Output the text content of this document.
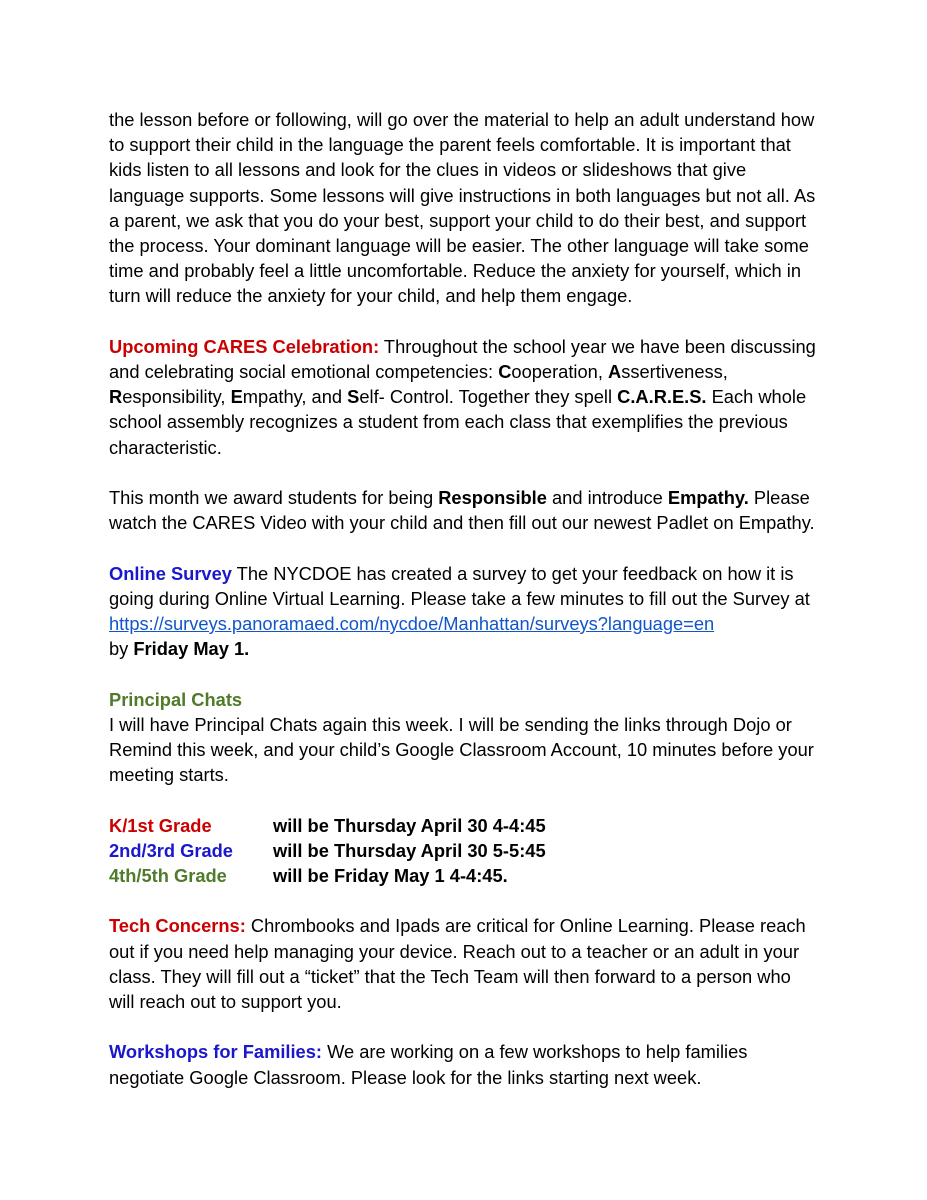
the lesson before or following, will go over the material to help an adult understand how to support their child in the language the parent feels comfortable. It is important that kids listen to all lessons and look for the clues in videos or slideshows that give language supports. Some lessons will give instructions in both languages but not all. As a parent, we ask that you do your best, support your child to do their best, and support the process. Your dominant language will be easier. The other language will take some time and probably feel a little uncomfortable. Reduce the anxiety for yourself, which in turn will reduce the anxiety for your child, and help them engage.

Upcoming CARES Celebration: Throughout the school year we have been discussing and celebrating social emotional competencies: Cooperation, Assertiveness, Responsibility, Empathy, and Self- Control. Together they spell C.A.R.E.S. Each whole school assembly recognizes a student from each class that exemplifies the previous characteristic.

This month we award students for being Responsible and introduce Empathy. Please watch the CARES Video with your child and then fill out our newest Padlet on Empathy.

Online Survey The NYCDOE has created a survey to get your feedback on how it is going during Online Virtual Learning. Please take a few minutes to fill out the Survey at
https://surveys.panoramaed.com/nycdoe/Manhattan/surveys?language=en
by Friday May 1.

Principal Chats
I will have Principal Chats again this week. I will be sending the links through Dojo or Remind this week, and your child’s Google Classroom Account, 10 minutes before your meeting starts.

K/1st Grade	will be Thursday April 30 4-4:45
2nd/3rd Grade	will be Thursday April 30 5-5:45
4th/5th Grade	will be Friday May 1 4-4:45.

Tech Concerns: Chrombooks and Ipads are critical for Online Learning. Please reach out if you need help managing your device. Reach out to a teacher or an adult in your class. They will fill out a “ticket” that the Tech Team will then forward to a person who will reach out to support you.

Workshops for Families: We are working on a few workshops to help families negotiate Google Classroom. Please look for the links starting next week.
